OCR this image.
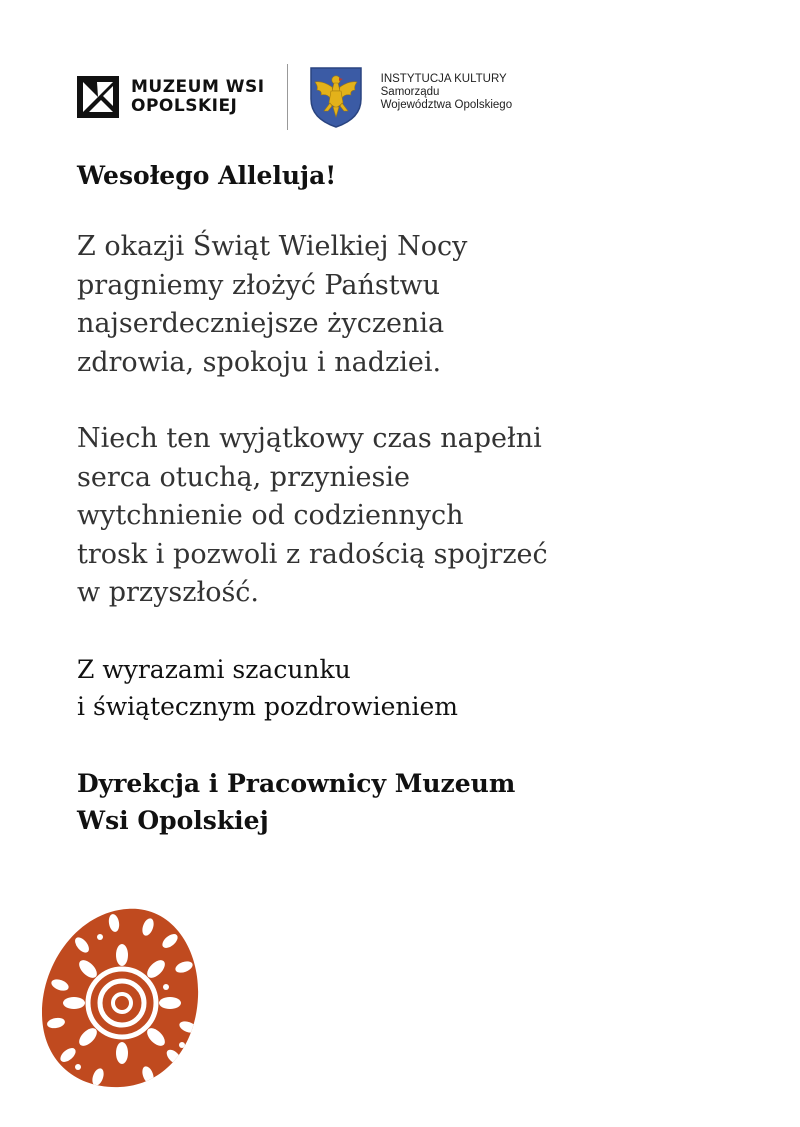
MUZEUM WSI
OPOLSKIEJ
INSTYTUCJA KULTURY
Samorządu
Województwa Opolskiego
Wesołego Alleluja!

Z okazji Świąt Wielkiej Nocy
pragniemy złożyć Państwu
najserdeczniejsze życzenia
zdrowia, spokoju i nadziei.

Niech ten wyjątkowy czas napełni
serca otuchą, przyniesie
wytchnienie od codziennych
trosk i pozwoli z radością spojrzeć
w przyszłość.

Z wyrazami szacunku
i świątecznym pozdrowieniem

Dyrekcja i Pracownicy Muzeum
Wsi Opolskiej
